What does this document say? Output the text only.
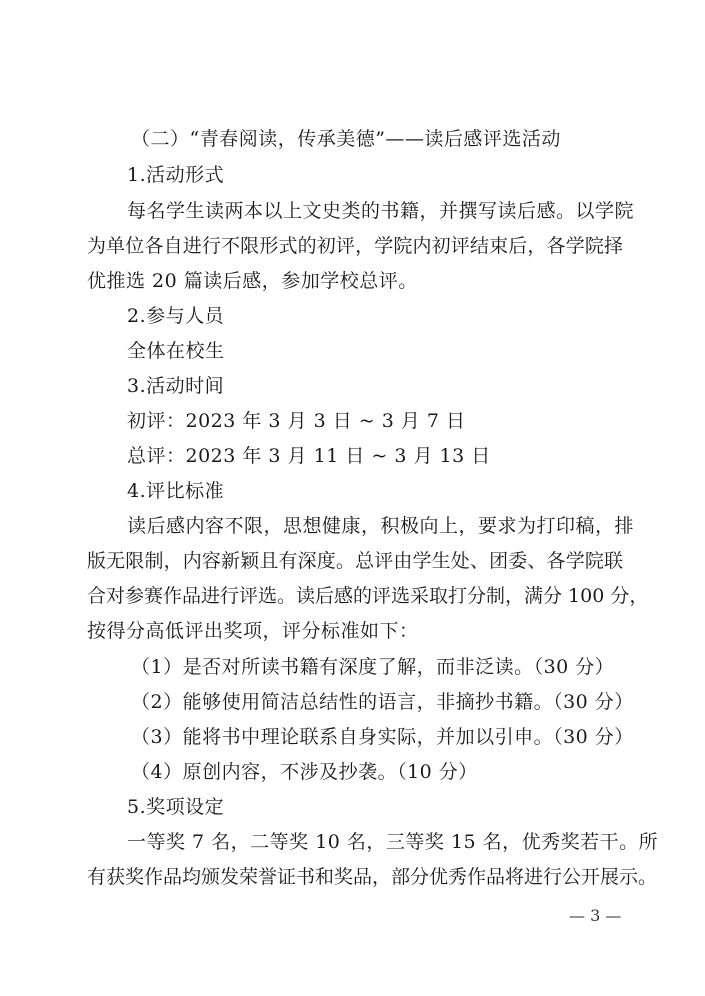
（二）“青春阅读，传承美德”——读后感评选活动
1.活动形式
每名学生读两本以上文史类的书籍，并撰写读后感。以学院
为单位各自进行不限形式的初评，学院内初评结束后，各学院择
优推选 20 篇读后感，参加学校总评。
2.参与人员
全体在校生
3.活动时间
初评：2023 年 3 月 3 日 ~ 3 月 7 日
总评：2023 年 3 月 11 日 ~ 3 月 13 日
4.评比标准
读后感内容不限，思想健康，积极向上，要求为打印稿，排
版无限制，内容新颖且有深度。总评由学生处、团委、各学院联
合对参赛作品进行评选。读后感的评选采取打分制，满分 100 分，
按得分高低评出奖项，评分标准如下：
（1）是否对所读书籍有深度了解，而非泛读。（30 分）
（2）能够使用简洁总结性的语言，非摘抄书籍。（30 分）
（3）能将书中理论联系自身实际，并加以引申。（30 分）
（4）原创内容，不涉及抄袭。（10 分）
5.奖项设定
一等奖 7 名，二等奖 10 名，三等奖 15 名，优秀奖若干。所
有获奖作品均颁发荣誉证书和奖品，部分优秀作品将进行公开展示。
— 3 —
